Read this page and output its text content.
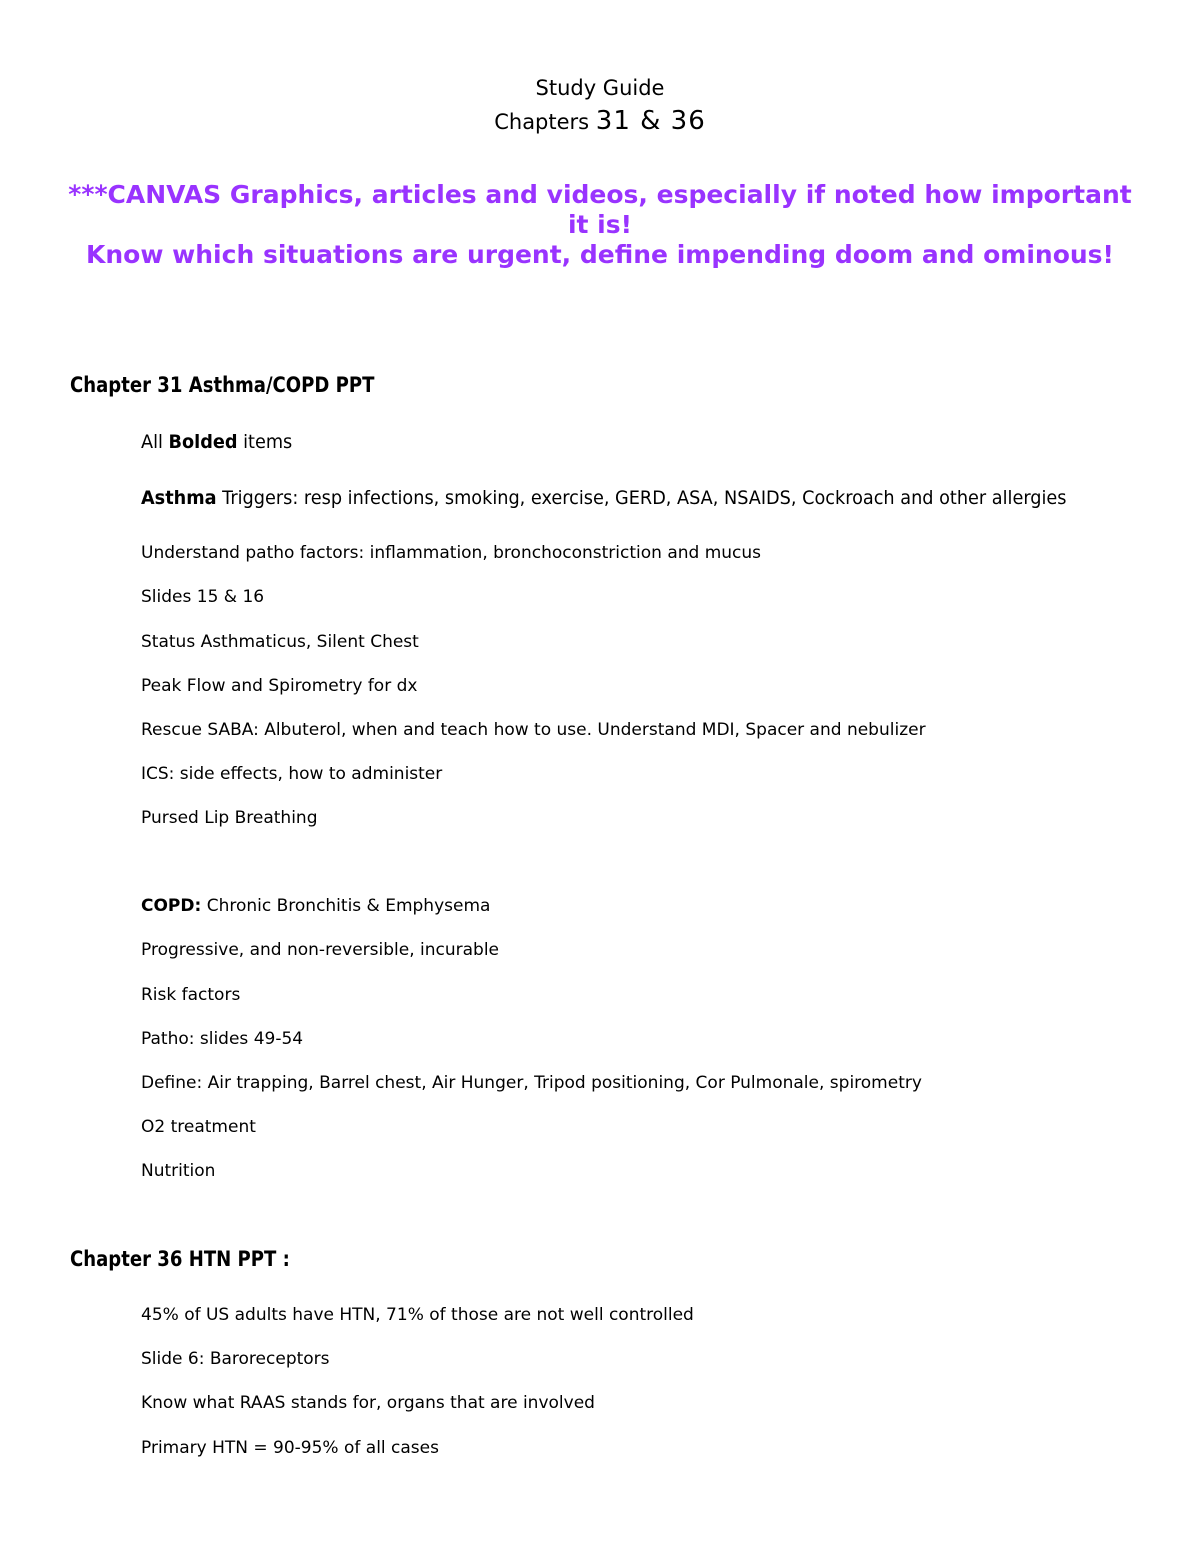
Study Guide
Chapters 31 & 36
***CANVAS Graphics, articles and videos, especially if noted how important it is!
Know which situations are urgent, define impending doom and ominous!
Chapter 31 Asthma/COPD PPT
All Bolded items
Asthma Triggers: resp infections, smoking, exercise, GERD, ASA, NSAIDS, Cockroach and other allergies
Understand patho factors: inflammation, bronchoconstriction and mucus
Slides 15 & 16
Status Asthmaticus, Silent Chest
Peak Flow and Spirometry for dx
Rescue SABA: Albuterol, when and teach how to use. Understand MDI, Spacer and nebulizer
ICS: side effects, how to administer
Pursed Lip Breathing
COPD: Chronic Bronchitis & Emphysema
Progressive, and non-reversible, incurable
Risk factors
Patho: slides 49-54
Define: Air trapping, Barrel chest, Air Hunger, Tripod positioning, Cor Pulmonale, spirometry
O2 treatment
Nutrition
Chapter 36 HTN PPT :
45% of US adults have HTN, 71% of those are not well controlled
Slide 6: Baroreceptors
Know what RAAS stands for, organs that are involved
Primary HTN = 90-95% of all cases
